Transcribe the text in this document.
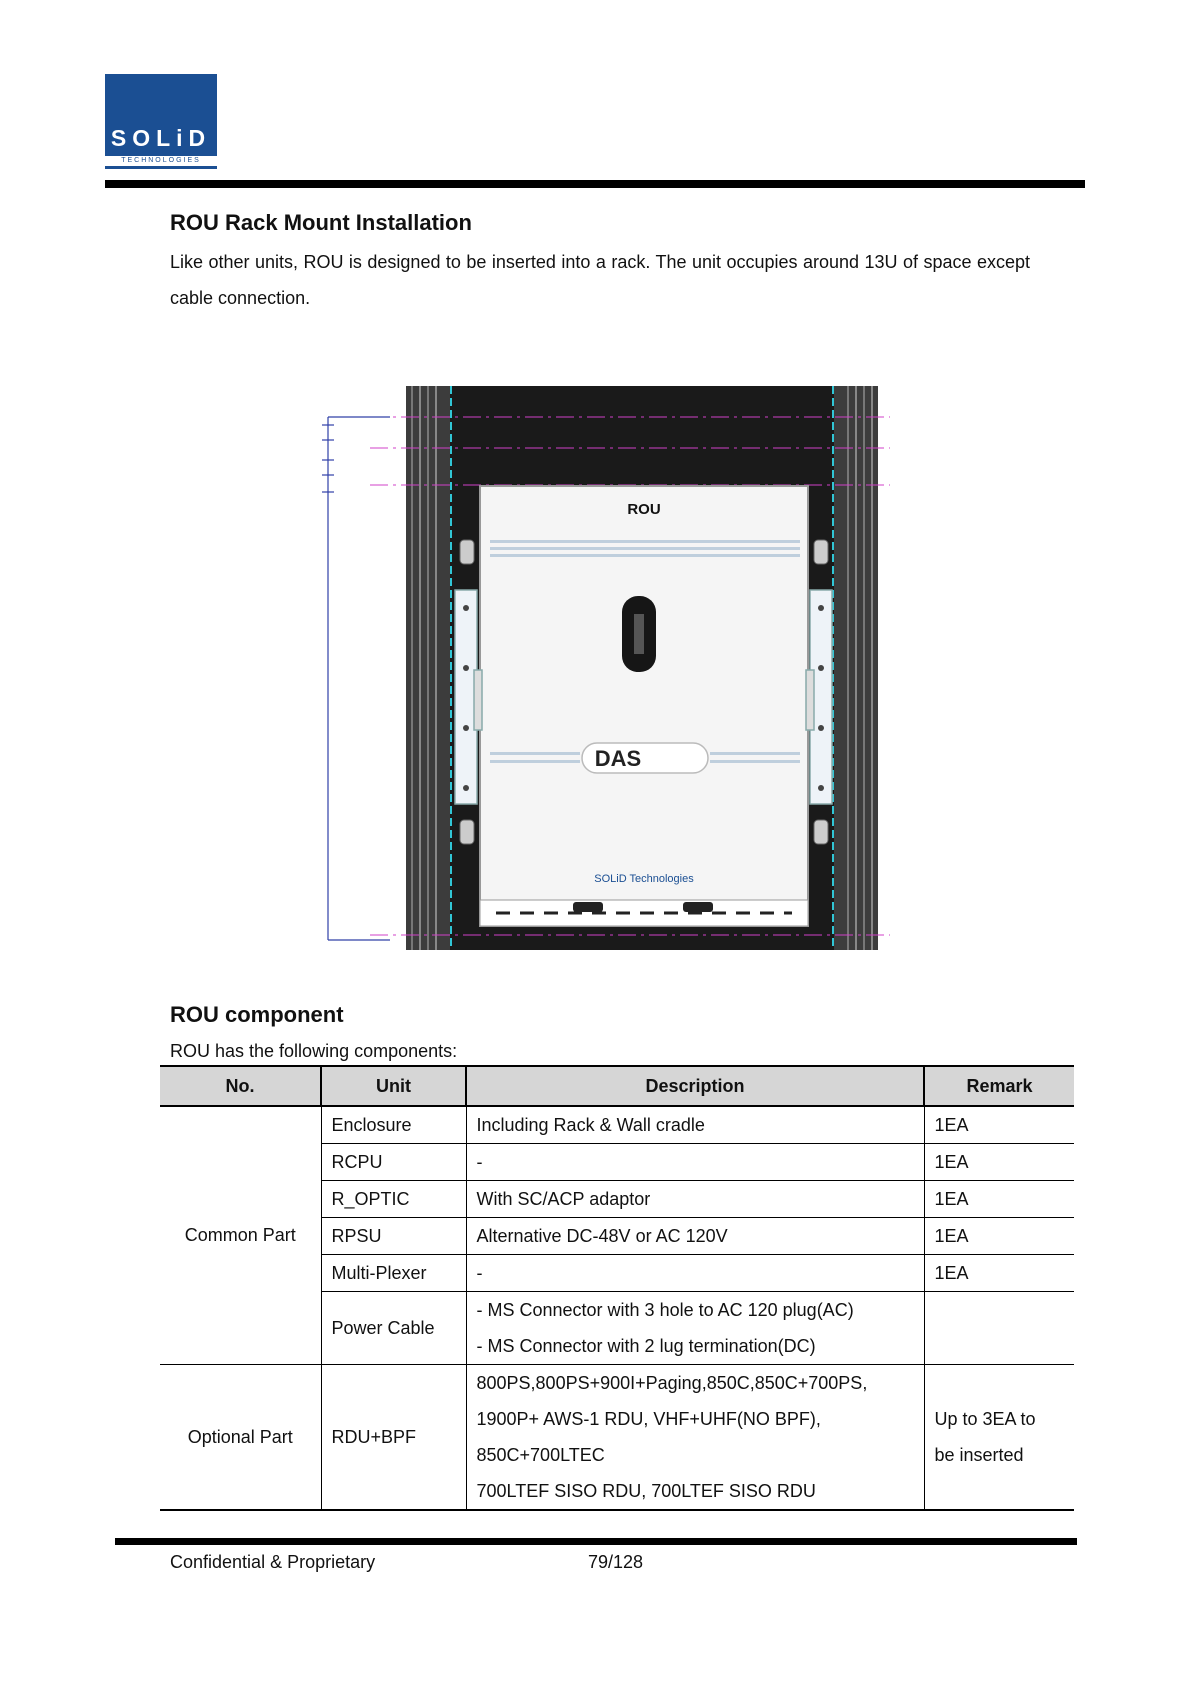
SOLiD
TECHNOLOGIES
ROU Rack Mount Installation

Like other units, ROU is designed to be inserted into a rack. The unit occupies around 13U of space except cable connection.

ROU
DAS
SOLiD Technologies
ROU component

ROU has the following components:

No.	Unit	Description	Remark
Common Part	Enclosure	Including Rack & Wall cradle	1EA
	RCPU	-	1EA
	R_OPTIC	With SC/ACP adaptor	1EA
	RPSU	Alternative DC-48V or AC 120V	1EA
	Multi-Plexer	-	1EA
	Power Cable	- MS Connector with 3 hole to AC 120 plug(AC)
- MS Connector with 2 lug termination(DC)	

Optional Part	RDU+BPF	800PS,800PS+900I+Paging,850C,850C+700PS,
1900P+ AWS-1 RDU, VHF+UHF(NO BPF),
850C+700LTEC
700LTEF SISO RDU, 700LTEF SISO RDU	Up to 3EA to
be inserted
Confidential & Proprietary	79/128
